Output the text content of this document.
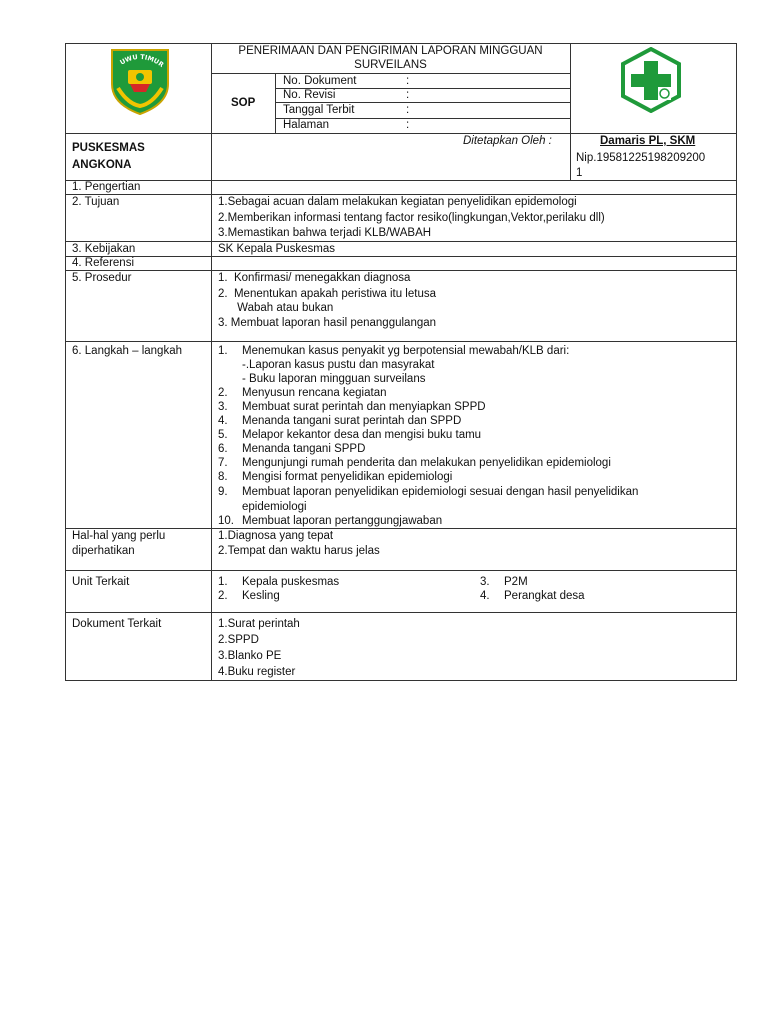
UWU TIMUR
PENERIMAAN DAN PENGIRIMAN LAPORAN MINGGUAN
SURVEILANS
SOP
No. Dokument	:
No. Revisi	:
Tanggal Terbit	:
Halaman	:
PUSKESMAS
ANGKONA
Ditetapkan Oleh :	Damaris PL, SKM
Nip.19581225198209200
1
1. Pengertian
2. Tujuan	1.Sebagai acuan dalam melakukan kegiatan penyelidikan epidemologi
2.Memberikan informasi tentang factor resiko(lingkungan,Vektor,perilaku dll)
3.Memastikan bahwa terjadi KLB/WABAH
3. Kebijakan	SK Kepala Puskesmas
4. Referensi
5. Prosedur	1.  Konfirmasi/ menegakkan diagnosa
2.  Menentukan apakah peristiwa itu letusa
Wabah atau bukan
3. Membuat laporan hasil penanggulangan
6. Langkah – langkah	1. Menemukan kasus penyakit yg berpotensial mewabah/KLB dari:
-.Laporan kasus pustu dan masyrakat
- Buku laporan mingguan surveilans
2. Menyusun rencana kegiatan
3. Membuat surat perintah dan menyiapkan SPPD
4. Menanda tangani surat perintah dan SPPD
5. Melapor kekantor desa dan mengisi buku tamu
6. Menanda tangani SPPD
7. Mengunjungi rumah penderita dan melakukan penyelidikan epidemiologi
8. Mengisi format penyelidikan epidemiologi
9. Membuat laporan penyelidikan epidemiologi sesuai dengan hasil penyelidikan
epidemiologi
10. Membuat laporan pertanggungjawaban
Hal-hal yang perlu
diperhatikan
1.Diagnosa yang tepat
2.Tempat dan waktu harus jelas
Unit Terkait	1. Kepala puskesmas
2. Kesling
3. P2M
4. Perangkat desa
Dokument Terkait	1.Surat perintah
2.SPPD
3.Blanko PE
4.Buku register
